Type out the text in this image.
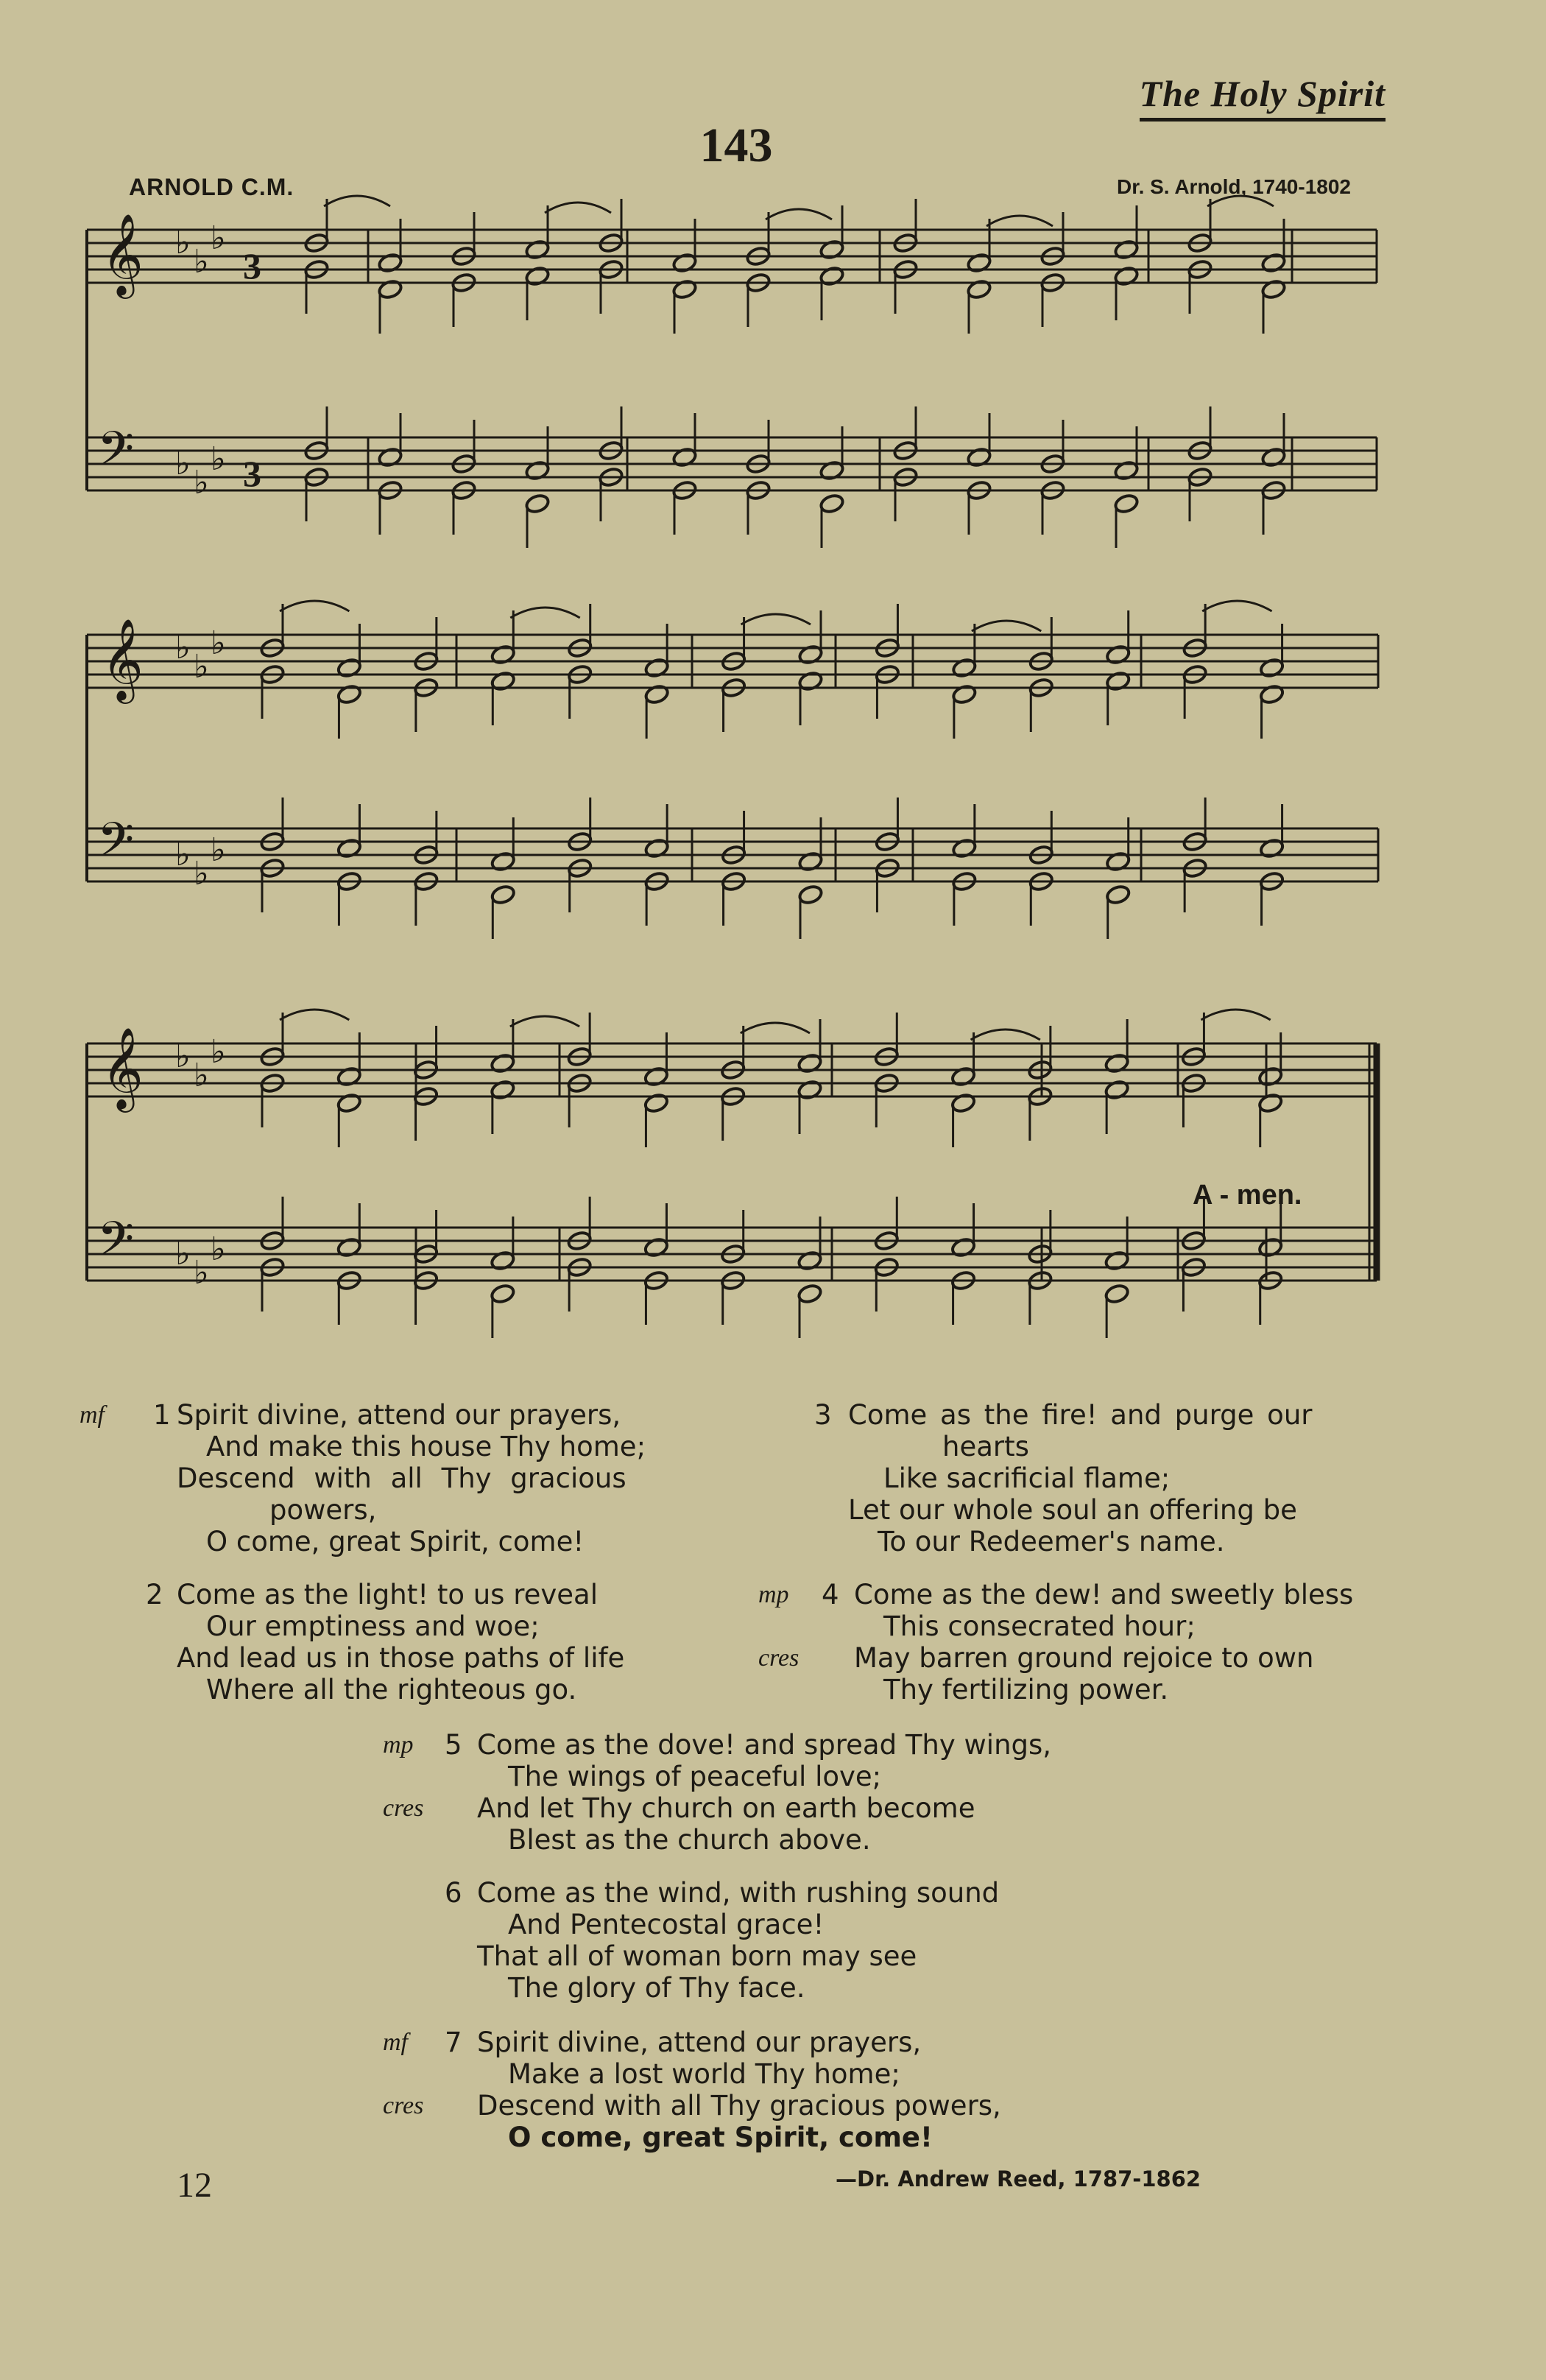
The Holy Spirit
143
ARNOLD C.M.	Dr. S. Arnold, 1740-1802
𝄞
𝄢
♭
♭
♭
♭
♭
♭
3
3
𝄞
𝄢
♭
♭
♭
♭
♭
♭
𝄞
𝄢
♭
♭
♭
♭
♭
♭
A - men.

mf

1

Spirit divine, attend our prayers,

And make this house Thy home;

Descend with all Thy gracious

powers,

O come, great Spirit, come!

2

Come as the light! to us reveal

Our emptiness and woe;

And lead us in those paths of life

Where all the righteous go.

3

Come as the fire! and purge our

hearts

Like sacrificial flame;

Let our whole soul an offering be

To our Redeemer's name.

mp

4

Come as the dew! and sweetly bless

This consecrated hour;

cres

May barren ground rejoice to own

Thy fertilizing power.

mp

5

Come as the dove! and spread Thy wings,

The wings of peaceful love;

cres

And let Thy church on earth become

Blest as the church above.

6

Come as the wind, with rushing sound

And Pentecostal grace!

That all of woman born may see

The glory of Thy face.

mf

7

Spirit divine, attend our prayers,

Make a lost world Thy home;

cres

Descend with all Thy gracious powers,

O come, great Spirit, come!

12	—Dr. Andrew Reed, 1787-1862
